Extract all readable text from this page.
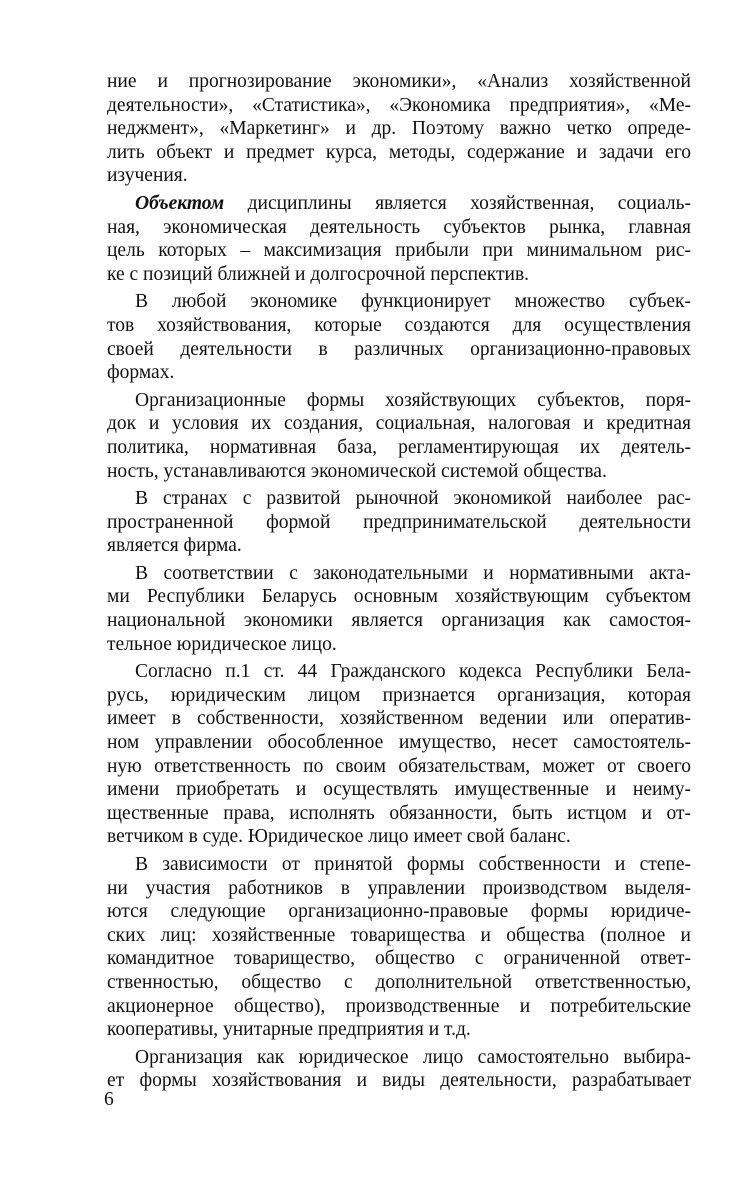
ние и прогнозирование экономики», «Анализ хозяйственной
деятельности», «Статистика», «Экономика предприятия», «Ме-
неджмент», «Маркетинг» и др. Поэтому важно четко опреде-
лить объект и предмет курса, методы, содержание и задачи его
изучения.
Объектом дисциплины является хозяйственная, социаль-
ная, экономическая деятельность субъектов рынка, главная
цель которых – максимизация прибыли при минимальном рис-
ке с позиций ближней и долгосрочной перспектив.
В любой экономике функционирует множество субъек-
тов хозяйствования, которые создаются для осуществления
своей деятельности в различных организационно-правовых
формах.
Организационные формы хозяйствующих субъектов, поря-
док и условия их создания, социальная, налоговая и кредитная
политика, нормативная база, регламентирующая их деятель-
ность, устанавливаются экономической системой общества.
В странах с развитой рыночной экономикой наиболее рас-
пространенной формой предпринимательской деятельности
является фирма.
В соответствии с законодательными и нормативными акта-
ми Республики Беларусь основным хозяйствующим субъектом
национальной экономики является организация как самостоя-
тельное юридическое лицо.
Согласно п.1 ст. 44 Гражданского кодекса Республики Бела-
русь, юридическим лицом признается организация, которая
имеет в собственности, хозяйственном ведении или оператив-
ном управлении обособленное имущество, несет самостоятель-
ную ответственность по своим обязательствам, может от своего
имени приобретать и осуществлять имущественные и неиму-
щественные права, исполнять обязанности, быть истцом и от-
ветчиком в суде. Юридическое лицо имеет свой баланс.
В зависимости от принятой формы собственности и степе-
ни участия работников в управлении производством выделя-
ются следующие организационно-правовые формы юридиче-
ских лиц: хозяйственные товарищества и общества (полное и
командитное товарищество, общество с ограниченной ответ-
ственностью, общество с дополнительной ответственностью,
акционерное общество), производственные и потребительские
кооперативы, унитарные предприятия и т.д.
Организация как юридическое лицо самостоятельно выбира-
ет формы хозяйствования и виды деятельности, разрабатывает
6
